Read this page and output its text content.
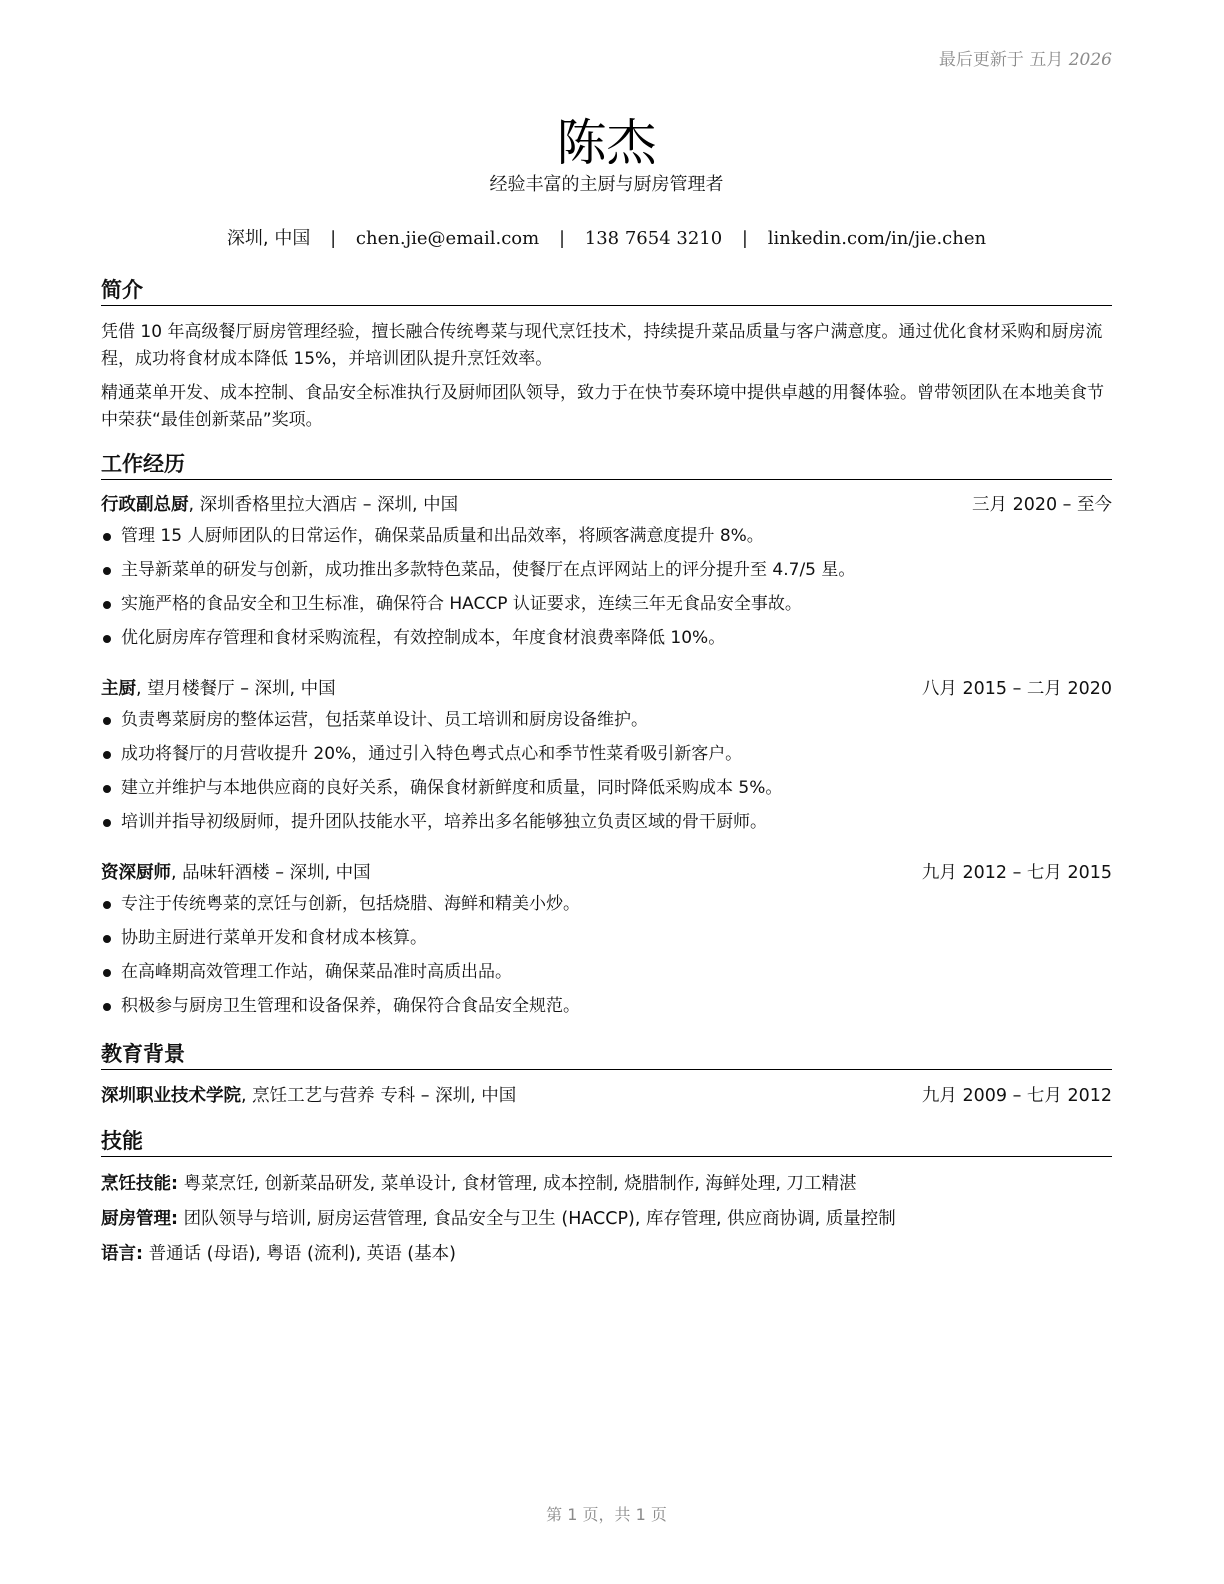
最后更新于 五月 2026
陈杰
经验丰富的主厨与厨房管理者
深圳, 中国 | chen.jie@email.com | 138 7654 3210 | linkedin.com/in/jie.chen
简介

凭借 10 年高级餐厅厨房管理经验，擅长融合传统粤菜与现代烹饪技术，持续提升菜品质量与客户满意度。通过优化食材采购和厨房流程，成功将食材成本降低 15%，并培训团队提升烹饪效率。

精通菜单开发、成本控制、食品安全标准执行及厨师团队领导，致力于在快节奏环境中提供卓越的用餐体验。曾带领团队在本地美食节中荣获“最佳创新菜品”奖项。

工作经历
行政副总厨, 深圳香格里拉大酒店 – 深圳, 中国	三月 2020 – 至今
管理 15 人厨师团队的日常运作，确保菜品质量和出品效率，将顾客满意度提升 8%。
主导新菜单的研发与创新，成功推出多款特色菜品，使餐厅在点评网站上的评分提升至 4.7/5 星。
实施严格的食品安全和卫生标准，确保符合 HACCP 认证要求，连续三年无食品安全事故。
优化厨房库存管理和食材采购流程，有效控制成本，年度食材浪费率降低 10%。
主厨, 望月楼餐厅 – 深圳, 中国	八月 2015 – 二月 2020
负责粤菜厨房的整体运营，包括菜单设计、员工培训和厨房设备维护。
成功将餐厅的月营收提升 20%，通过引入特色粤式点心和季节性菜肴吸引新客户。
建立并维护与本地供应商的良好关系，确保食材新鲜度和质量，同时降低采购成本 5%。
培训并指导初级厨师，提升团队技能水平，培养出多名能够独立负责区域的骨干厨师。
资深厨师, 品味轩酒楼 – 深圳, 中国	九月 2012 – 七月 2015
专注于传统粤菜的烹饪与创新，包括烧腊、海鲜和精美小炒。
协助主厨进行菜单开发和食材成本核算。
在高峰期高效管理工作站，确保菜品准时高质出品。
积极参与厨房卫生管理和设备保养，确保符合食品安全规范。
教育背景
深圳职业技术学院, 烹饪工艺与营养 专科 – 深圳, 中国	九月 2009 – 七月 2012
技能
烹饪技能: 粤菜烹饪, 创新菜品研发, 菜单设计, 食材管理, 成本控制, 烧腊制作, 海鲜处理, 刀工精湛
厨房管理: 团队领导与培训, 厨房运营管理, 食品安全与卫生 (HACCP), 库存管理, 供应商协调, 质量控制
语言: 普通话 (母语), 粤语 (流利), 英语 (基本)
第 1 页，共 1 页
